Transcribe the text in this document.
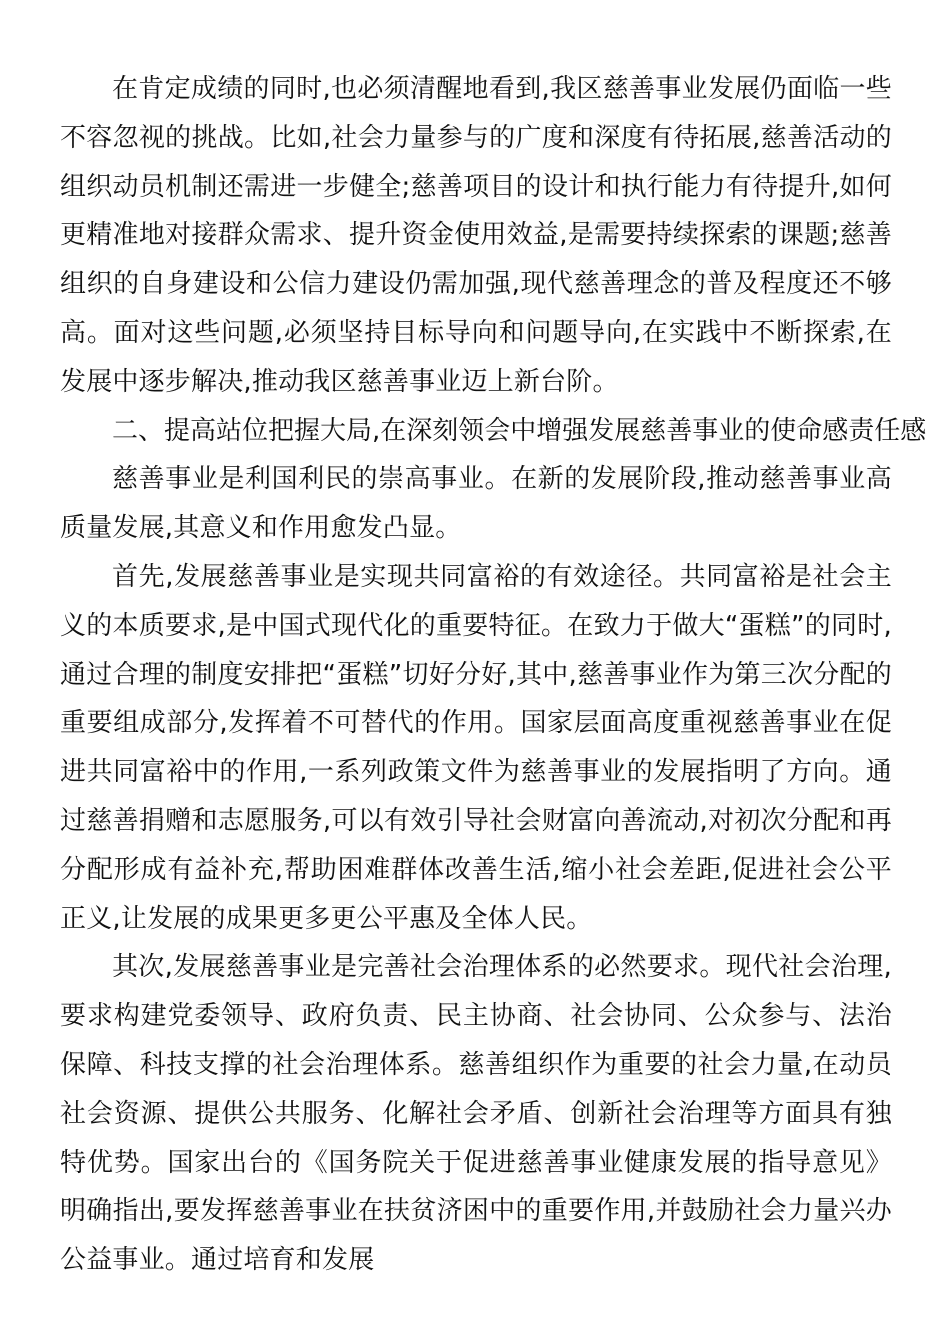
在肯定成绩的同时,也必须清醒地看到,我区慈善事业发展仍面临一些不容忽视的挑战。比如,社会力量参与的广度和深度有待拓展,慈善活动的组织动员机制还需进一步健全;慈善项目的设计和执行能力有待提升,如何更精准地对接群众需求、提升资金使用效益,是需要持续探索的课题;慈善组织的自身建设和公信力建设仍需加强,现代慈善理念的普及程度还不够高。面对这些问题,必须坚持目标导向和问题导向,在实践中不断探索,在发展中逐步解决,推动我区慈善事业迈上新台阶。

二、提高站位把握大局,在深刻领会中增强发展慈善事业的使命感责任感

慈善事业是利国利民的崇高事业。在新的发展阶段,推动慈善事业高质量发展,其意义和作用愈发凸显。

首先,发展慈善事业是实现共同富裕的有效途径。共同富裕是社会主义的本质要求,是中国式现代化的重要特征。在致力于做大“蛋糕”的同时,通过合理的制度安排把“蛋糕”切好分好,其中,慈善事业作为第三次分配的重要组成部分,发挥着不可替代的作用。国家层面高度重视慈善事业在促进共同富裕中的作用,一系列政策文件为慈善事业的发展指明了方向。通过慈善捐赠和志愿服务,可以有效引导社会财富向善流动,对初次分配和再分配形成有益补充,帮助困难群体改善生活,缩小社会差距,促进社会公平正义,让发展的成果更多更公平惠及全体人民。

其次,发展慈善事业是完善社会治理体系的必然要求。现代社会治理,要求构建党委领导、政府负责、民主协商、社会协同、公众参与、法治保障、科技支撑的社会治理体系。慈善组织作为重要的社会力量,在动员社会资源、提供公共服务、化解社会矛盾、创新社会治理等方面具有独特优势。国家出台的《国务院关于促进慈善事业健康发展的指导意见》明确指出,要发挥慈善事业在扶贫济困中的重要作用,并鼓励社会力量兴办公益事业。通过培育和发展
